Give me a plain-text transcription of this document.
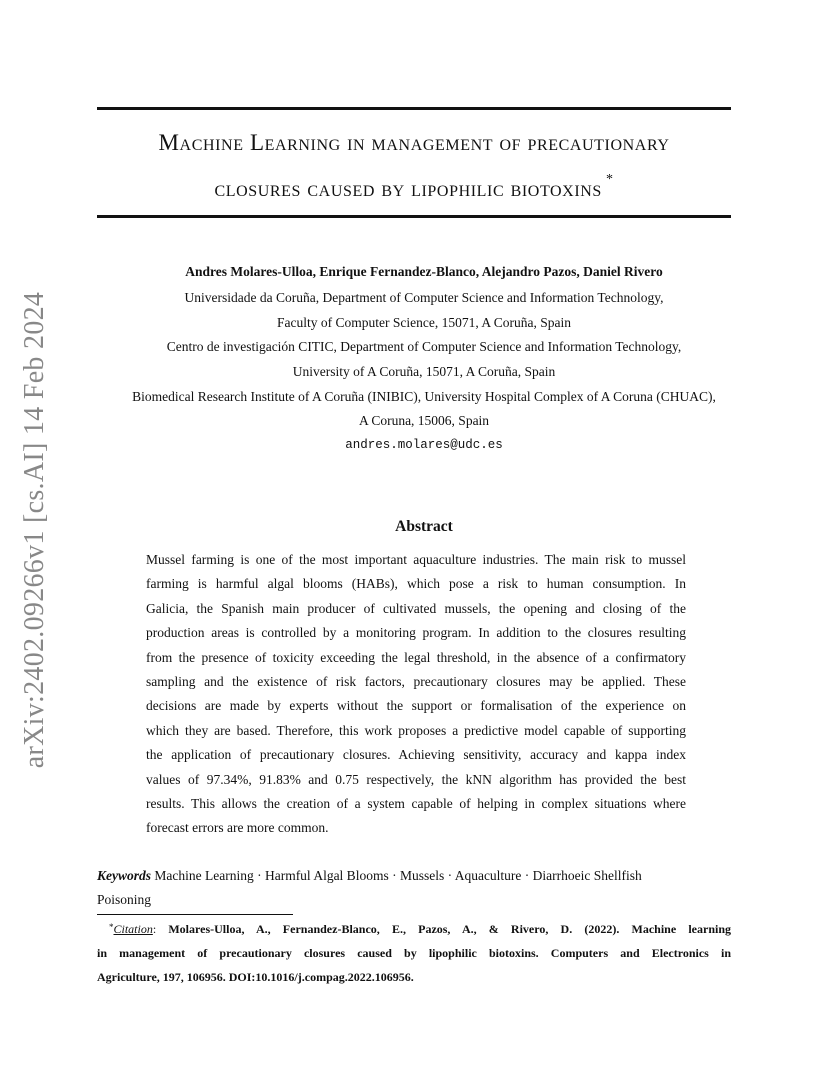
arXiv:2402.09266v1 [cs.AI] 14 Feb 2024
Machine Learning in management of precautionary
closures caused by lipophilic biotoxins *
Andres Molares-Ulloa, Enrique Fernandez-Blanco, Alejandro Pazos, Daniel Rivero
Universidade da Coruña, Department of Computer Science and Information Technology,
Faculty of Computer Science, 15071, A Coruña, Spain
Centro de investigación CITIC, Department of Computer Science and Information Technology,
University of A Coruña, 15071, A Coruña, Spain
Biomedical Research Institute of A Coruña (INIBIC), University Hospital Complex of A Coruna (CHUAC),
A Coruna, 15006, Spain
andres.molares@udc.es
Abstract
Mussel farming is one of the most important aquaculture industries. The main risk to mussel
farming is harmful algal blooms (HABs), which pose a risk to human consumption. In
Galicia, the Spanish main producer of cultivated mussels, the opening and closing of the
production areas is controlled by a monitoring program. In addition to the closures resulting
from the presence of toxicity exceeding the legal threshold, in the absence of a confirmatory
sampling and the existence of risk factors, precautionary closures may be applied. These
decisions are made by experts without the support or formalisation of the experience on
which they are based. Therefore, this work proposes a predictive model capable of supporting
the application of precautionary closures. Achieving sensitivity, accuracy and kappa index
values of 97.34%, 91.83% and 0.75 respectively, the kNN algorithm has provided the best
results. This allows the creation of a system capable of helping in complex situations where
forecast errors are more common.
Keywords Machine Learning · Harmful Algal Blooms · Mussels · Aquaculture · Diarrhoeic Shellfish
Poisoning
*Citation: Molares-Ulloa, A., Fernandez-Blanco, E., Pazos, A., & Rivero, D. (2022). Machine learning
in management of precautionary closures caused by lipophilic biotoxins. Computers and Electronics in
Agriculture, 197, 106956. DOI:10.1016/j.compag.2022.106956.
